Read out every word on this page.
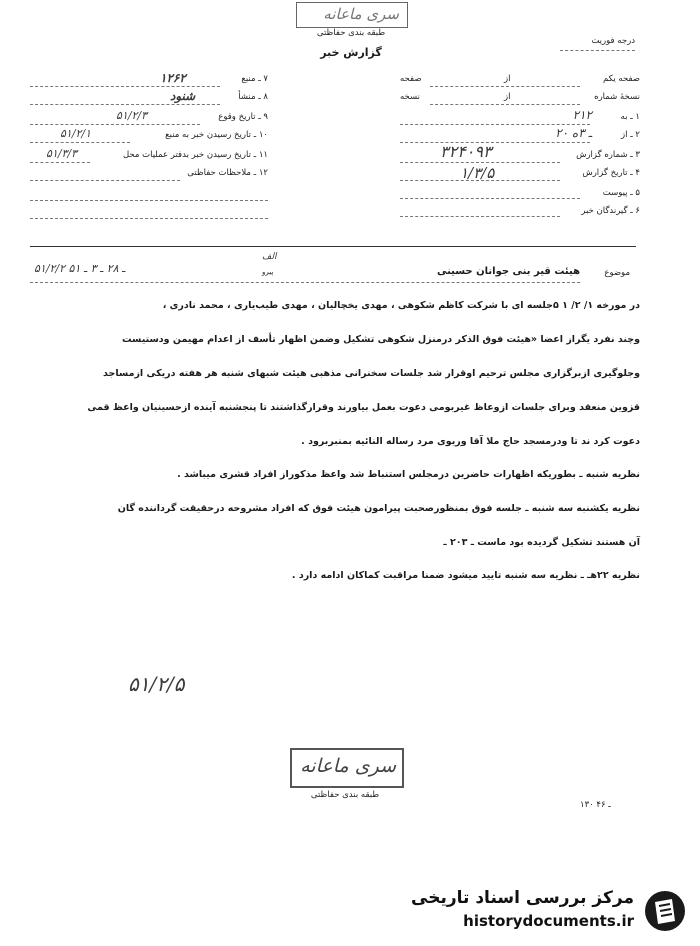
سری ماعانه
طبقه بندی حفاظتی
گزارش خبر
درجه فوریت
صفحه یکم
صفحه	از
نسخهٔ شماره
نسخه	از
۱ ـ به
۲۱۲
۲ ـ از
۲۰ ـ ۳ه
۳ ـ شماره گزارش
۳۲۴۰۹۳
۴ ـ تاریخ گزارش
۱/۳/۵
۵ ـ پیوست
۶ ـ گیرندگان خبر
۷ ـ منبع
۱۲۶۲
۸ ـ منشأ
شنود
۹ ـ تاریخ وقوع
۵۱/۲/۳
۱۰ ـ تاریخ رسیدن خبر به منبع
۵۱/۲/۱
۱۱ ـ تاریخ رسیدن خبر بدفتر عملیات محل
۵۱/۳/۳
۱۲ ـ ملاحظات حفاظتی
موضوع
هیئت قیر بنی جوانان حسینی
۵۱/۲/۲ ـ ۲۸ ـ ۳ ـ ۵۱
الف
پیرو
در مورخه ۱/ ۲/ ۱ ۵جلسه ای با شرکت کاظم شکوهی ، مهدی یخچالیان ، مهدی طیب‌یاری ، محمد نادری ،
وچند نفرد یگراز اعضا «هیئت فوق الذکر درمنزل شکوهی تشکیل وضمن اظهار تأسف از اعدام مهیمن ودستیست
وجلوگیری ازبرگزاری مجلس ترحیم اوقرار شد جلسات سخنرانی مذهبی هیئت شبهای شنبه هر هفته دریکی ازمساجد
قزوین منعقد وبرای جلسات ازوعاظ غیربومی دعوت بعمل بیاورند وقرارگذاشتند تا پنجشنبه آینده ازحسینیان واعظ قمی
دعوت کرد ند تا ودرمسجد حاج ملا آقا وریوی مرد رساله النائیه بمنبربرود .
نظریه شنبه ـ بطوریکه اظهارات حاضرین درمجلس استنباط شد واعظ مذکوراز افراد قشری میباشد .
نظریه یکشنبه سه شنبه ـ جلسه فوق بمنظورصحبت پیرامون هیئت فوق که افراد مشروحه درحقیقت گرداننده گان
آن هستند تشکیل گردیده بود ماست ـ ۲۰۳ ـ
نظریه ۲۲هـ ـ نظریه سه شنبه تایید میشود ضمنا مراقبت کماکان ادامه دارد .
۵۱/۲/۵
سری ماعانه
طبقه بندی حفاظتی
۱۳۰ ـ ۴۶
مرکز بررسی اسناد تاریخی
historydocuments.ir
